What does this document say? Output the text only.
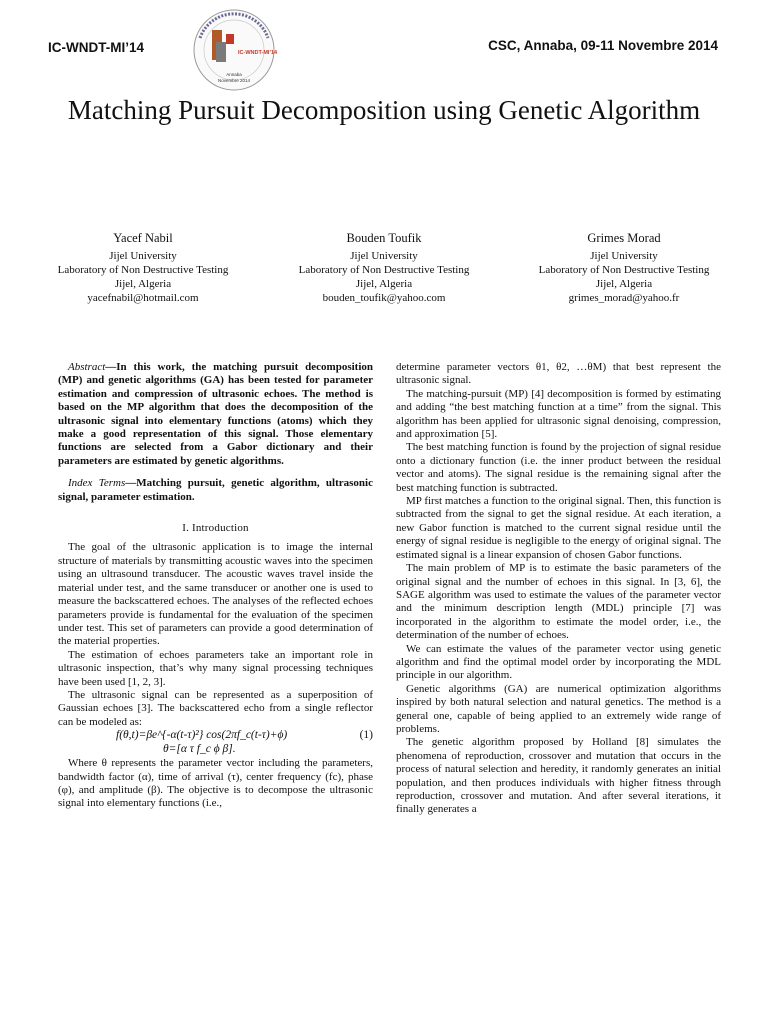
IC-WNDT-MI’14	CSC, Annaba, 09-11 Novembre 2014
IC-WNDT-MI’14
Annaba
Novembre 2014
Matching Pursuit Decomposition using Genetic Algorithm
Yacef Nabil
Jijel University
Laboratory of Non Destructive Testing
Jijel, Algeria
yacefnabil@hotmail.com
Bouden Toufik
Jijel University
Laboratory of Non Destructive Testing
Jijel, Algeria
bouden_toufik@yahoo.com
Grimes Morad
Jijel University
Laboratory of Non Destructive Testing
Jijel, Algeria
grimes_morad@yahoo.fr

Abstract—In this work, the matching pursuit decomposition (MP) and genetic algorithms (GA) has been tested for parameter estimation and compression of ultrasonic echoes. The method is based on the MP algorithm that does the decomposition of the ultrasonic signal into elementary functions (atoms) which they make a good representation of this signal. Those elementary functions are selected from a Gabor dictionary and their parameters are estimated by genetic algorithms.

Index Terms—Matching pursuit, genetic algorithm, ultrasonic signal, parameter estimation.

I. Introduction

The goal of the ultrasonic application is to image the internal structure of materials by transmitting acoustic waves into the specimen using an ultrasound transducer. The acoustic waves travel inside the material under test, and the same transducer or another one is used to measure the backscattered echoes. The analyses of the reflected echoes parameters provide is fundamental for the evaluation of the specimen under test. This set of parameters can provide a good determination of the material properties.

The estimation of echoes parameters take an important role in ultrasonic inspection, that’s why many signal processing techniques have been used [1, 2, 3].

The ultrasonic signal can be represented as a superposition of Gaussian echoes [3]. The backscattered echo from a single reflector can be modeled as:

f(θ,t)=βe^{-α(t-τ)²} cos(2πf_c(t-τ)+ϕ)
θ=[α τ f_c ϕ β].
(1)

Where θ represents the parameter vector including the parameters, bandwidth factor (α), time of arrival (τ), center frequency (fc), phase (φ), and amplitude (β). The objective is to decompose the ultrasonic signal into elementary functions (i.e.,

determine parameter vectors θ1, θ2, …θM) that best represent the ultrasonic signal.

The matching-pursuit (MP) [4] decomposition is formed by estimating and adding “the best matching function at a time” from the signal. This algorithm has been applied for ultrasonic signal denoising, compression, and approximation [5].

The best matching function is found by the projection of signal residue onto a dictionary function (i.e. the inner product between the residual vector and atoms). The signal residue is the remaining signal after the best matching function is subtracted.

MP first matches a function to the original signal. Then, this function is subtracted from the signal to get the signal residue. At each iteration, a new Gabor function is matched to the current signal residue until the energy of signal residue is negligible to the energy of original signal. The estimated signal is a linear expansion of chosen Gabor functions.

The main problem of MP is to estimate the basic parameters of the original signal and the number of echoes in this signal. In [3, 6], the SAGE algorithm was used to estimate the values of the parameter vector and the minimum description length (MDL) principle [7] was incorporated in the algorithm to estimate the model order, i.e., the determination of the number of echoes.

We can estimate the values of the parameter vector using genetic algorithm and find the optimal model order by incorporating the MDL principle in our algorithm.

Genetic algorithms (GA) are numerical optimization algorithms inspired by both natural selection and natural genetics. The method is a general one, capable of being applied to an extremely wide range of problems.

The genetic algorithm proposed by Holland [8] simulates the phenomena of reproduction, crossover and mutation that occurs in the process of natural selection and heredity, it randomly generates an initial population, and then produces individuals with higher fitness through reproduction, crossover and mutation. And after several iterations, it finally generates a
